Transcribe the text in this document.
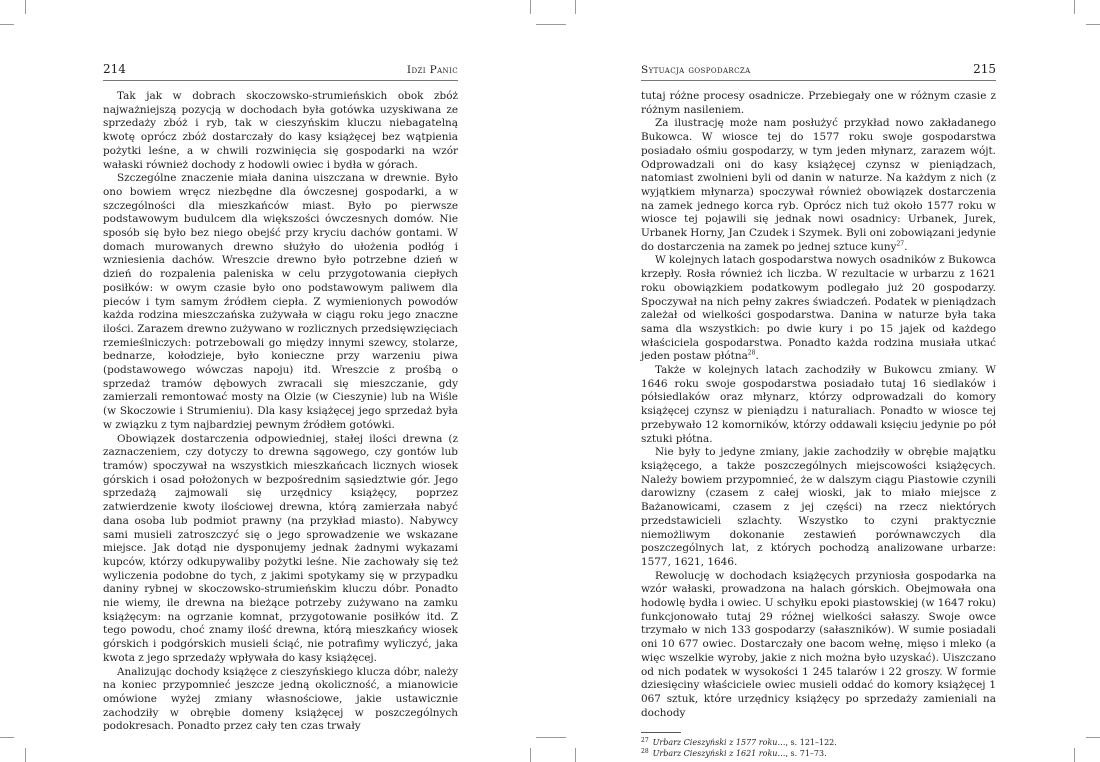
214	Idzi Panic

Tak jak w dobrach skoczowsko-strumieńskich obok zbóż najważniejszą pozycją w dochodach była gotówka uzyskiwana ze sprzedaży zbóż i ryb, tak w cieszyńskim kluczu niebagatelną kwotę oprócz zbóż dostarczały do kasy książęcej bez wątpienia pożytki leśne, a w chwili rozwinięcia się gospodarki na wzór wałaski również dochody z hodowli owiec i bydła w górach.

Szczególne znaczenie miała danina uiszczana w drewnie. Było ono bowiem wręcz niezbędne dla ówczesnej gospodarki, a w szczególności dla mieszkańców miast. Było po pierwsze podstawowym budulcem dla większości ówczesnych domów. Nie sposób się było bez niego obejść przy kryciu dachów gontami. W domach murowanych drewno służyło do ułożenia podłóg i wzniesienia dachów. Wreszcie drewno było potrzebne dzień w dzień do rozpalenia paleniska w celu przygotowania ciepłych posiłków: w owym czasie było ono podstawowym paliwem dla pieców i tym samym źródłem ciepła. Z wymienionych powodów każda rodzina mieszczańska zużywała w ciągu roku jego znaczne ilości. Zarazem drewno zużywano w rozlicznych przedsięwzięciach rzemieślniczych: potrzebowali go między innymi szewcy, stolarze, bednarze, kołodzieje, było konieczne przy warzeniu piwa (podstawowego wówczas napoju) itd. Wreszcie z prośbą o sprzedaż tramów dębowych zwracali się mieszczanie, gdy zamierzali remontować mosty na Olzie (w Cieszynie) lub na Wiśle (w Skoczowie i Strumieniu). Dla kasy książęcej jego sprzedaż była w związku z tym najbardziej pewnym źródłem gotówki.

Obowiązek dostarczenia odpowiedniej, stałej ilości drewna (z zaznaczeniem, czy dotyczy to drewna sągowego, czy gontów lub tramów) spoczywał na wszystkich mieszkańcach licznych wiosek górskich i osad położonych w bezpośrednim sąsiedztwie gór. Jego sprzedażą zajmowali się urzędnicy książęcy, poprzez zatwierdzenie kwoty ilościowej drewna, którą zamierzała nabyć dana osoba lub podmiot prawny (na przykład miasto). Nabywcy sami musieli zatroszczyć się o jego sprowadzenie we wskazane miejsce. Jak dotąd nie dysponujemy jednak żadnymi wykazami kupców, którzy odkupywaliby pożytki leśne. Nie zachowały się też wyliczenia podobne do tych, z jakimi spotykamy się w przypadku daniny rybnej w skoczowsko-strumieńskim kluczu dóbr. Ponadto nie wiemy, ile drewna na bieżące potrzeby zużywano na zamku książęcym: na ogrzanie komnat, przygotowanie posiłków itd. Z tego powodu, choć znamy ilość drewna, którą mieszkańcy wiosek górskich i podgórskich musieli ściąć, nie potrafimy wyliczyć, jaka kwota z jego sprzedaży wpływała do kasy książęcej.

Analizując dochody książęce z cieszyńskiego klucza dóbr, należy na koniec przypomnieć jeszcze jedną okoliczność, a mianowicie omówione wyżej zmiany własnościowe, jakie ustawicznie zachodziły w obrębie domeny książęcej w poszczególnych podokresach. Ponadto przez cały ten czas trwały

Sytuacja gospodarcza	215

tutaj różne procesy osadnicze. Przebiegały one w różnym czasie z różnym nasileniem.

Za ilustrację może nam posłużyć przykład nowo zakładanego Bukowca. W wiosce tej do 1577 roku swoje gospodarstwa posiadało ośmiu gospodarzy, w tym jeden młynarz, zarazem wójt. Odprowadzali oni do kasy książęcej czynsz w pieniądzach, natomiast zwolnieni byli od danin w naturze. Na każdym z nich (z wyjątkiem młynarza) spoczywał również obowiązek dostarczenia na zamek jednego korca ryb. Oprócz nich tuż około 1577 roku w wiosce tej pojawili się jednak nowi osadnicy: Urbanek, Jurek, Urbanek Horny, Jan Czudek i Szymek. Byli oni zobowiązani jedynie do dostarczenia na zamek po jednej sztuce kuny$^{27}$.

W kolejnych latach gospodarstwa nowych osadników z Bukowca krzepły. Rosła również ich liczba. W rezultacie w urbarzu z 1621 roku obowiązkiem podatkowym podlegało już 20 gospodarzy. Spoczywał na nich pełny zakres świadczeń. Podatek w pieniądzach zależał od wielkości gospodarstwa. Danina w naturze była taka sama dla wszystkich: po dwie kury i po 15 jajek od każdego właściciela gospodarstwa. Ponadto każda rodzina musiała utkać jeden postaw płótna$^{28}$.

Także w kolejnych latach zachodziły w Bukowcu zmiany. W 1646 roku swoje gospodarstwa posiadało tutaj 16 siedlaków i półsiedlaków oraz młynarz, którzy odprowadzali do komory książęcej czynsz w pieniądzu i naturaliach. Ponadto w wiosce tej przebywało 12 komorników, którzy oddawali księciu jedynie po pół sztuki płótna.

Nie były to jedyne zmiany, jakie zachodziły w obrębie majątku książęcego, a także poszczególnych miejscowości książęcych. Należy bowiem przypomnieć, że w dalszym ciągu Piastowie czynili darowizny (czasem z całej wioski, jak to miało miejsce z Bażanowicami, czasem z jej części) na rzecz niektórych przedstawicieli szlachty. Wszystko to czyni praktycznie niemożliwym dokonanie zestawień porównawczych dla poszczególnych lat, z których pochodzą analizowane urbarze: 1577, 1621, 1646.

Rewolucję w dochodach książęcych przyniosła gospodarka na wzór wałaski, prowadzona na halach górskich. Obejmowała ona hodowlę bydła i owiec. U schyłku epoki piastowskiej (w 1647 roku) funkcjonowało tutaj 29 różnej wielkości sałaszy. Swoje owce trzymało w nich 133 gospodarzy (sałaszników). W sumie posiadali oni 10 677 owiec. Dostarczały one bacom wełnę, mięso i mleko (a więc wszelkie wyroby, jakie z nich można było uzyskać). Uiszczano od nich podatek w wysokości 1 245 talarów i 22 groszy. W formie dziesięciny właściciele owiec musieli oddać do komory książęcej 1 067 sztuk, które urzędnicy książęcy po sprzedaży zamieniali na dochody

$^{27}$ Urbarz Cieszyński z 1577 roku…, s. 121–122.
$^{28}$ Urbarz Cieszyński z 1621 roku…, s. 71–73.
